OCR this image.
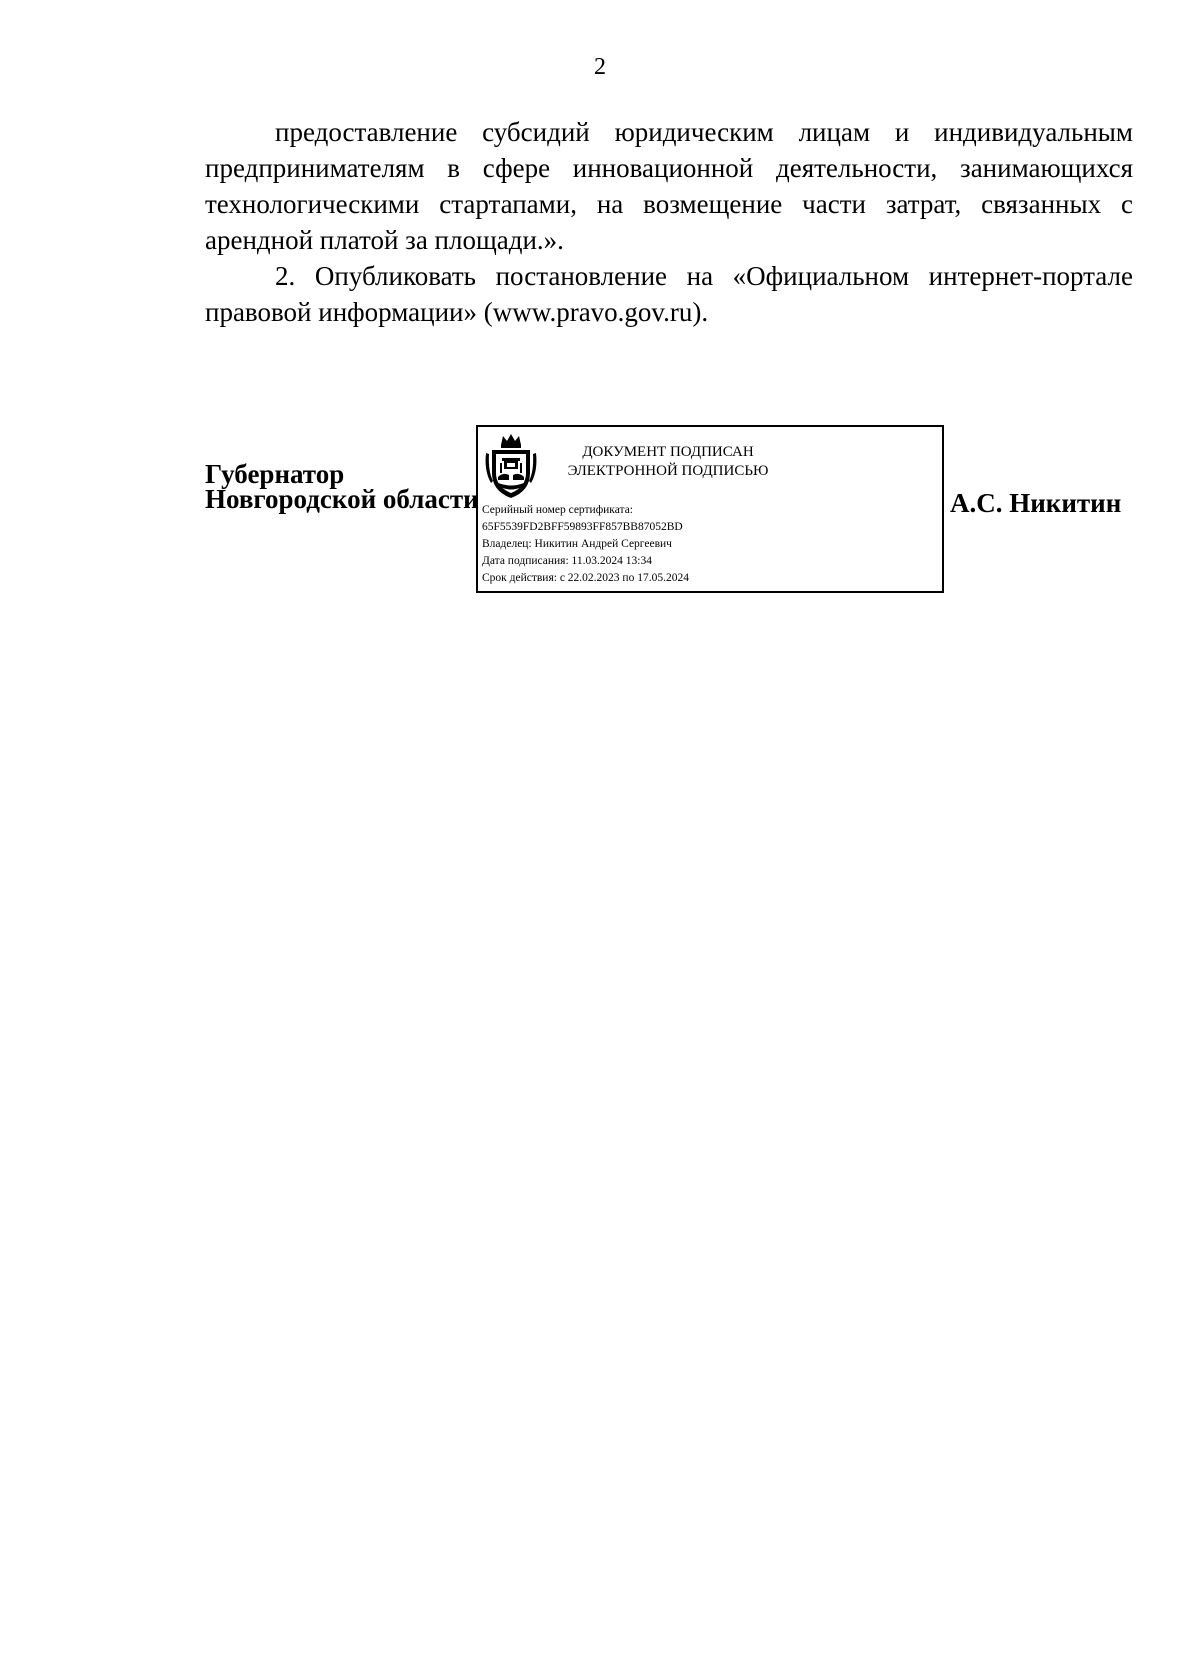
2

предоставление субсидий юридическим лицам и индивидуальным предпринимателям в сфере инновационной деятельности, занимающихся технологическими стартапами, на возмещение части затрат, связанных с арендной платой за площади.».

2. Опубликовать постановление на «Официальном интернет-портале правовой информации» (www.pravo.gov.ru).

Губернатор
Новгородской области
ДОКУМЕНТ ПОДПИСАН
ЭЛЕКТРОННОЙ ПОДПИСЬЮ
Серийный номер сертификата:
65F5539FD2BFF59893FF857BB87052BD
Владелец: Никитин Андрей Сергеевич
Дата подписания: 11.03.2024 13:34
Срок действия: с 22.02.2023 по 17.05.2024
А.С. Никитин
